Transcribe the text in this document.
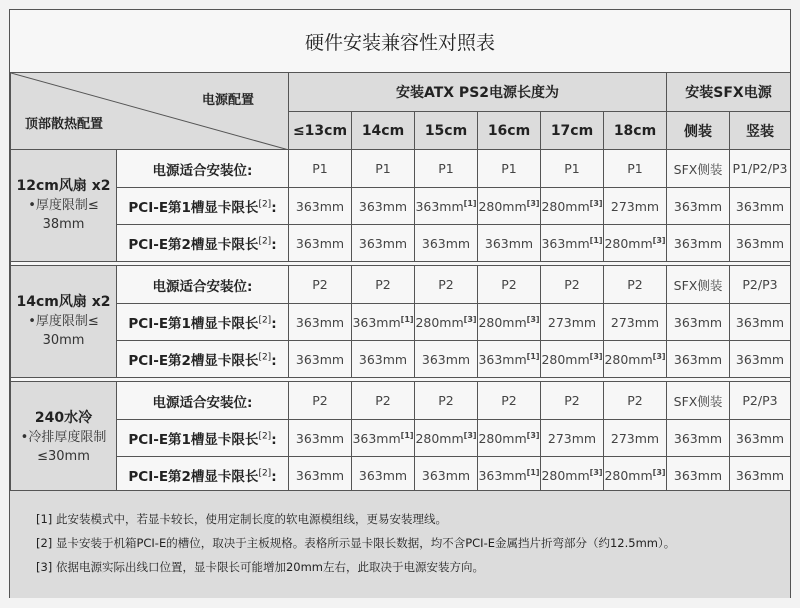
硬件安装兼容性对照表
电源配置
顶部散热配置		安装ATX PS2电源长度为						安装SFX电源	
		≤13cm	14cm	15cm	16cm	17cm	18cm	侧装	竖装
12cm风扇 x2
•厚度限制≤
38mm	电源适合安装位:	P1	P1	P1	P1	P1	P1	SFX侧装	P1/P2/P3
	PCI-E第1槽显卡限长[2]:	363mm	363mm	363mm[1]	280mm[3]	280mm[3]	273mm	363mm	363mm
	PCI-E第2槽显卡限长[2]:	363mm	363mm	363mm	363mm	363mm[1]	280mm[3]	363mm	363mm

14cm风扇 x2
•厚度限制≤
30mm	电源适合安装位:	P2	P2	P2	P2	P2	P2	SFX侧装	P2/P3
	PCI-E第1槽显卡限长[2]:	363mm	363mm[1]	280mm[3]	280mm[3]	273mm	273mm	363mm	363mm
	PCI-E第2槽显卡限长[2]:	363mm	363mm	363mm	363mm[1]	280mm[3]	280mm[3]	363mm	363mm

240水冷
•冷排厚度限制
≤30mm	电源适合安装位:	P2	P2	P2	P2	P2	P2	SFX侧装	P2/P3
	PCI-E第1槽显卡限长[2]:	363mm	363mm[1]	280mm[3]	280mm[3]	273mm	273mm	363mm	363mm
	PCI-E第2槽显卡限长[2]:	363mm	363mm	363mm	363mm[1]	280mm[3]	280mm[3]	363mm	363mm
[1] 此安装模式中，若显卡较长，使用定制长度的软电源模组线，更易安装理线。
[2] 显卡安装于机箱PCI-E的槽位，取决于主板规格。表格所示显卡限长数据，均不含PCI-E金属挡片折弯部分（约12.5mm）。
[3] 依据电源实际出线口位置，显卡限长可能增加20mm左右，此取决于电源安装方向。
